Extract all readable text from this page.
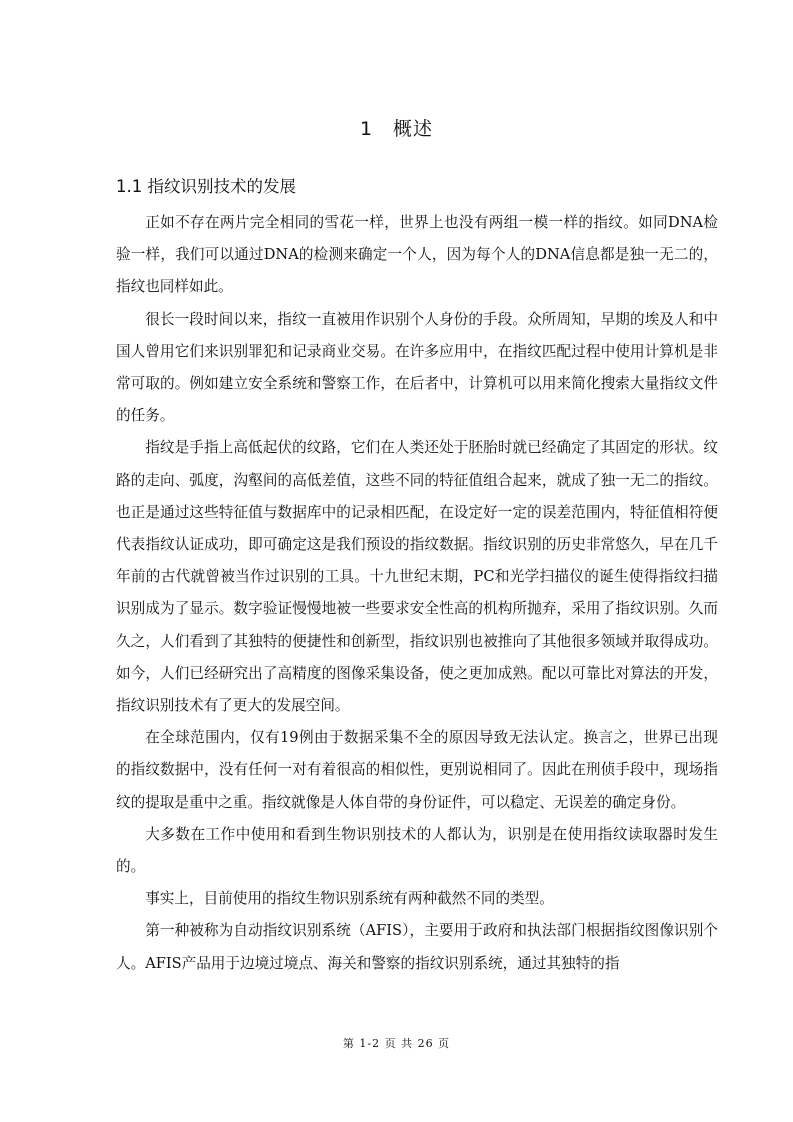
1　概述
1.1 指纹识别技术的发展

正如不存在两片完全相同的雪花一样，世界上也没有两组一模一样的指纹。如同DNA检验一样，我们可以通过DNA的检测来确定一个人，因为每个人的DNA信息都是独一无二的，指纹也同样如此。

很长一段时间以来，指纹一直被用作识别个人身份的手段。众所周知，早期的埃及人和中国人曾用它们来识别罪犯和记录商业交易。在许多应用中，在指纹匹配过程中使用计算机是非常可取的。例如建立安全系统和警察工作，在后者中，计算机可以用来简化搜索大量指纹文件的任务。

指纹是手指上高低起伏的纹路，它们在人类还处于胚胎时就已经确定了其固定的形状。纹路的走向、弧度，沟壑间的高低差值，这些不同的特征值组合起来，就成了独一无二的指纹。也正是通过这些特征值与数据库中的记录相匹配，在设定好一定的误差范围内，特征值相符便代表指纹认证成功，即可确定这是我们预设的指纹数据。指纹识别的历史非常悠久，早在几千年前的古代就曾被当作过识别的工具。十九世纪末期，PC和光学扫描仪的诞生使得指纹扫描识别成为了显示。数字验证慢慢地被一些要求安全性高的机构所抛弃，采用了指纹识别。久而久之，人们看到了其独特的便捷性和创新型，指纹识别也被推向了其他很多领域并取得成功。如今，人们已经研究出了高精度的图像采集设备，使之更加成熟。配以可靠比对算法的开发，指纹识别技术有了更大的发展空间。

在全球范围内，仅有19例由于数据采集不全的原因导致无法认定。换言之，世界已出现的指纹数据中，没有任何一对有着很高的相似性，更别说相同了。因此在刑侦手段中，现场指纹的提取是重中之重。指纹就像是人体自带的身份证件，可以稳定、无误差的确定身份。

大多数在工作中使用和看到生物识别技术的人都认为，识别是在使用指纹读取器时发生的。

事实上，目前使用的指纹生物识别系统有两种截然不同的类型。

第一种被称为自动指纹识别系统（AFIS），主要用于政府和执法部门根据指纹图像识别个人。AFIS产品用于边境过境点、海关和警察的指纹识别系统，通过其独特的指

第 1-2 页 共 26 页
